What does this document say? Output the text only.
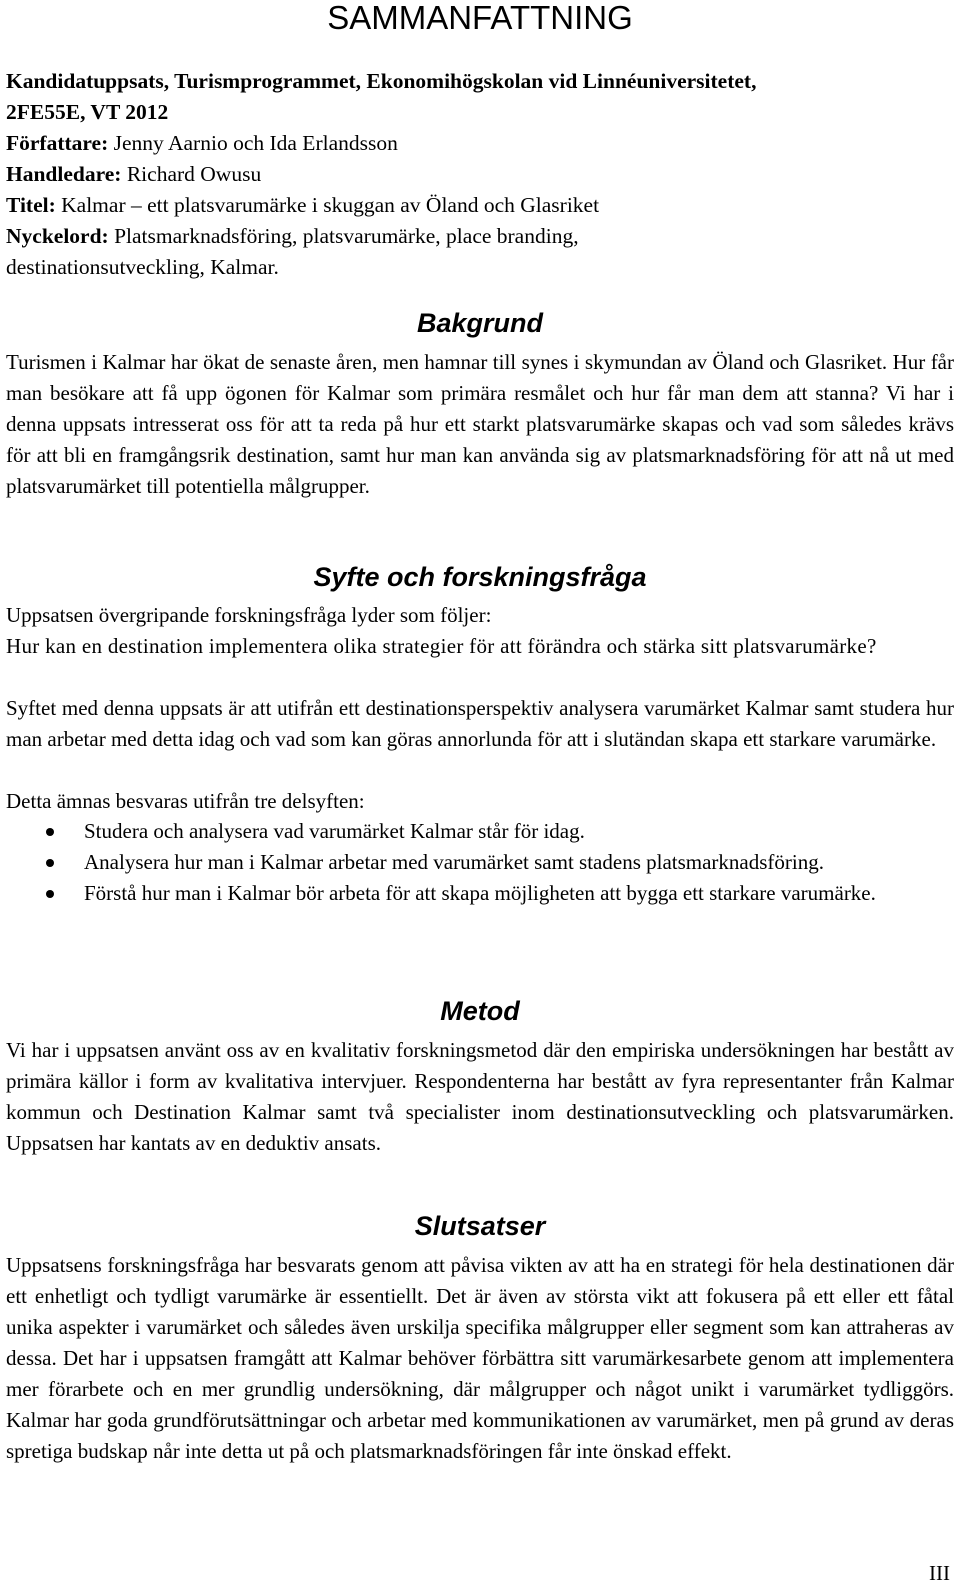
SAMMANFATTNING
Kandidatuppsats, Turismprogrammet, Ekonomihögskolan vid Linnéuniversitetet,
2FE55E, VT 2012
Författare: Jenny Aarnio och Ida Erlandsson
Handledare: Richard Owusu
Titel: Kalmar – ett platsvarumärke i skuggan av Öland och Glasriket
Nyckelord: Platsmarknadsföring, platsvarumärke, place branding,
destinationsutveckling, Kalmar.
Bakgrund
Turismen i Kalmar har ökat de senaste åren, men hamnar till synes i skymundan av Öland och Glasriket. Hur får man besökare att få upp ögonen för Kalmar som primära resmålet och hur får man dem att stanna? Vi har i denna uppsats intresserat oss för att ta reda på hur ett starkt platsvarumärke skapas och vad som således krävs för att bli en framgångsrik destination, samt hur man kan använda sig av platsmarknadsföring för att nå ut med platsvarumärket till potentiella målgrupper.
Syfte och forskningsfråga
Uppsatsen övergripande forskningsfråga lyder som följer:
Hur kan en destination implementera olika strategier för att förändra och stärka sitt platsvarumärke?
Syftet med denna uppsats är att utifrån ett destinationsperspektiv analysera varumärket Kalmar samt studera hur man arbetar med detta idag och vad som kan göras annorlunda för att i slutändan skapa ett starkare varumärke.
Detta ämnas besvaras utifrån tre delsyften:
Studera och analysera vad varumärket Kalmar står för idag.
Analysera hur man i Kalmar arbetar med varumärket samt stadens platsmarknadsföring.
Förstå hur man i Kalmar bör arbeta för att skapa möjligheten att bygga ett starkare varumärke.
Metod
Vi har i uppsatsen använt oss av en kvalitativ forskningsmetod där den empiriska undersökningen har bestått av primära källor i form av kvalitativa intervjuer. Respondenterna har bestått av fyra representanter från Kalmar kommun och Destination Kalmar samt två specialister inom destinationsutveckling och platsvarumärken. Uppsatsen har kantats av en deduktiv ansats.
Slutsatser
Uppsatsens forskningsfråga har besvarats genom att påvisa vikten av att ha en strategi för hela destinationen där ett enhetligt och tydligt varumärke är essentiellt. Det är även av största vikt att fokusera på ett eller ett fåtal unika aspekter i varumärket och således även urskilja specifika målgrupper eller segment som kan attraheras av dessa. Det har i uppsatsen framgått att Kalmar behöver förbättra sitt varumärkesarbete genom att implementera mer förarbete och en mer grundlig undersökning, där målgrupper och något unikt i varumärket tydliggörs. Kalmar har goda grundförutsättningar och arbetar med kommunikationen av varumärket, men på grund av deras spretiga budskap når inte detta ut på och platsmarknadsföringen får inte önskad effekt.
III
